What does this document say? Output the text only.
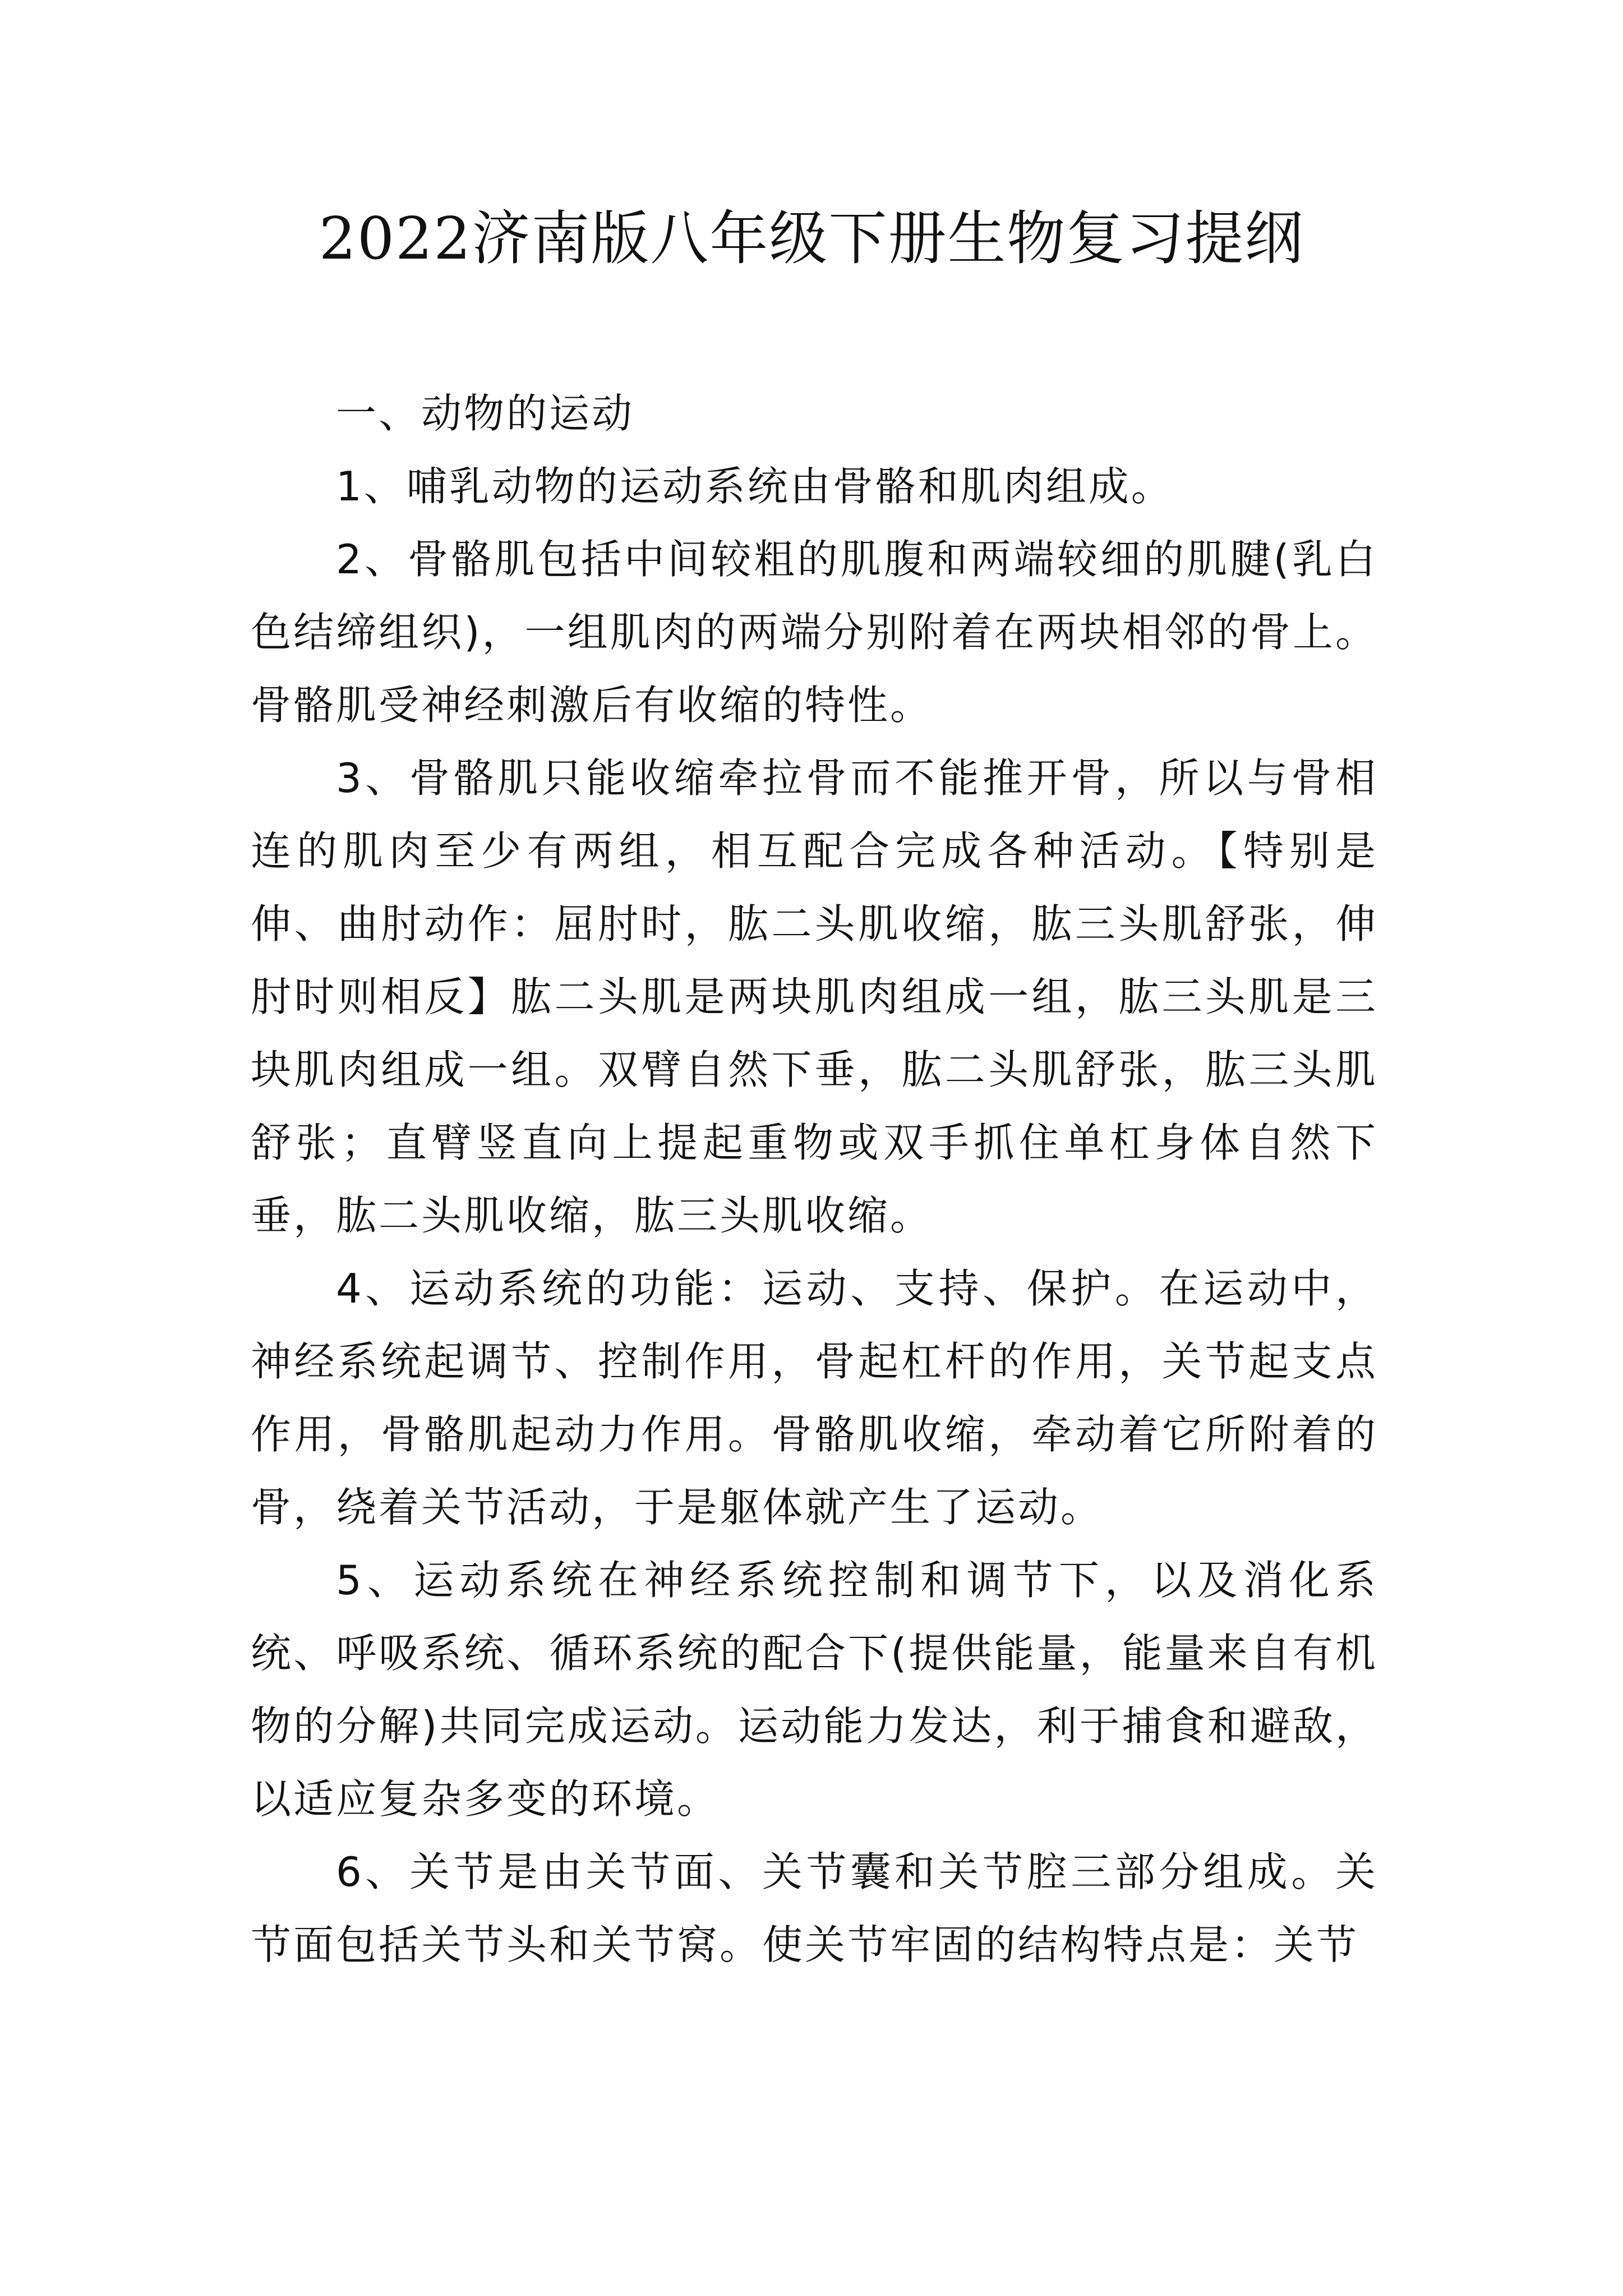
2022济南版八年级下册生物复习提纲

一、动物的运动

1、哺乳动物的运动系统由骨骼和肌肉组成。

2、骨骼肌包括中间较粗的肌腹和两端较细的肌腱(乳白色结缔组织)，一组肌肉的两端分别附着在两块相邻的骨上。骨骼肌受神经刺激后有收缩的特性。

3、骨骼肌只能收缩牵拉骨而不能推开骨，所以与骨相连的肌肉至少有两组，相互配合完成各种活动。【特别是伸、曲肘动作：屈肘时，肱二头肌收缩，肱三头肌舒张，伸肘时则相反】肱二头肌是两块肌肉组成一组，肱三头肌是三块肌肉组成一组。双臂自然下垂，肱二头肌舒张，肱三头肌舒张；直臂竖直向上提起重物或双手抓住单杠身体自然下垂，肱二头肌收缩，肱三头肌收缩。

4、运动系统的功能：运动、支持、保护。在运动中，神经系统起调节、控制作用，骨起杠杆的作用，关节起支点作用，骨骼肌起动力作用。骨骼肌收缩，牵动着它所附着的骨，绕着关节活动，于是躯体就产生了运动。

5、运动系统在神经系统控制和调节下，以及消化系统、呼吸系统、循环系统的配合下(提供能量，能量来自有机物的分解)共同完成运动。运动能力发达，利于捕食和避敌，以适应复杂多变的环境。

6、关节是由关节面、关节囊和关节腔三部分组成。关节面包括关节头和关节窝。使关节牢固的结构特点是：关节
